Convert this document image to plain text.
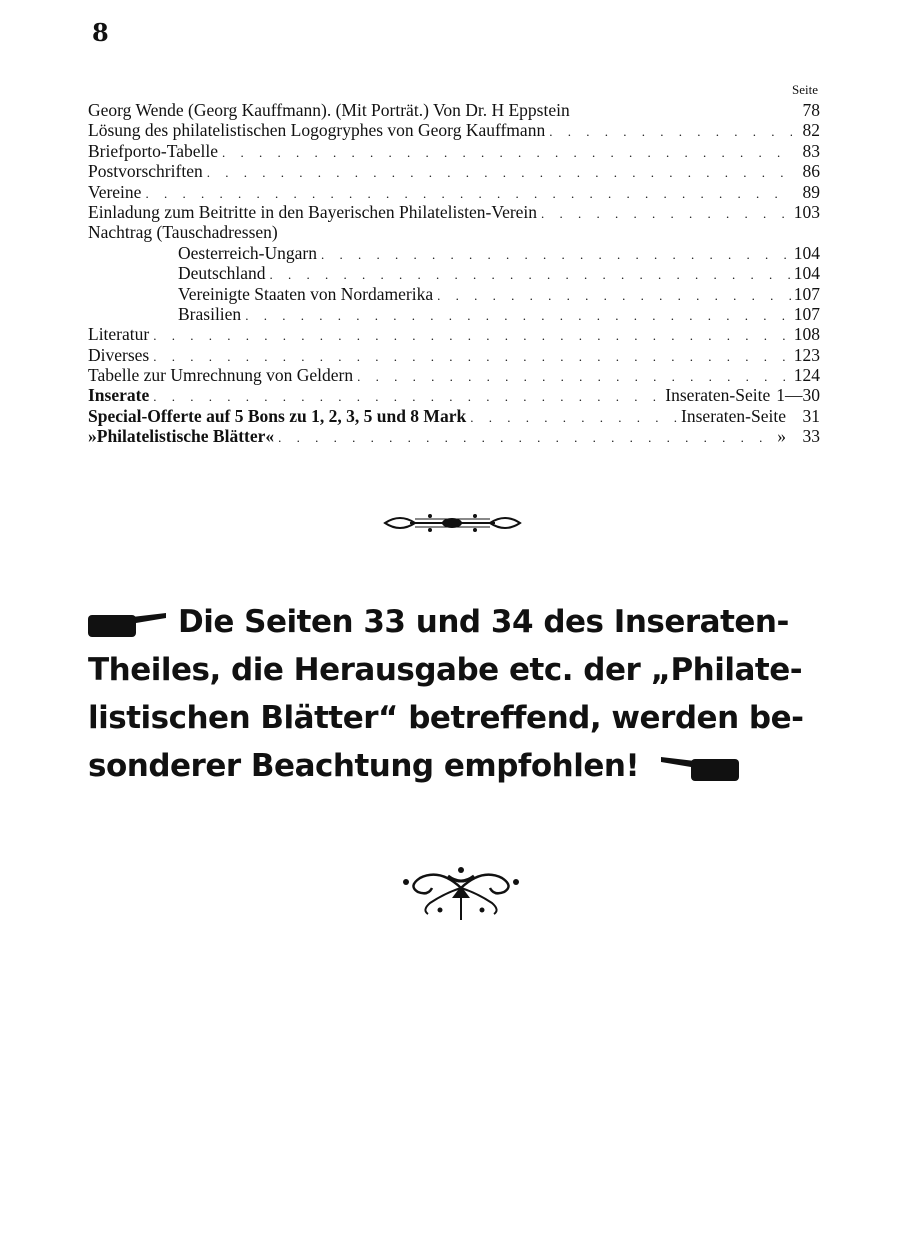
8
Seite
Georg Wende (Georg Kauffmann). (Mit Porträt.) Von Dr. H Eppstein	78
Lösung des philatelistischen Logogryphes von Georg Kauffmann . . .	82
Briefporto-Tabelle . . .	83
Postvorschriften . . .	86
Vereine . . .	89
Einladung zum Beitritte in den Bayerischen Philatelisten-Verein . . .	103
Nachtrag (Tauschadressen)
Oesterreich-Ungarn . . .	104
Deutschland . . .	104
Vereinigte Staaten von Nordamerika . . .	107
Brasilien . . .	107
Literatur . . .	108
Diverses . . .	123
Tabelle zur Umrechnung von Geldern . . .	124
Inserate . . .	Inseraten-Seite 1—30
Special-Offerte auf 5 Bons zu 1, 2, 3, 5 und 8 Mark . . .	Inseraten-Seite 31
»Philatelistische Blätter« . . .	» 33
Die Seiten 33 und 34 des Inseraten-
Theiles, die Herausgabe etc. der „Philate-
listischen Blätter“ betreffend, werden be-
sonderer Beachtung empfohlen!
